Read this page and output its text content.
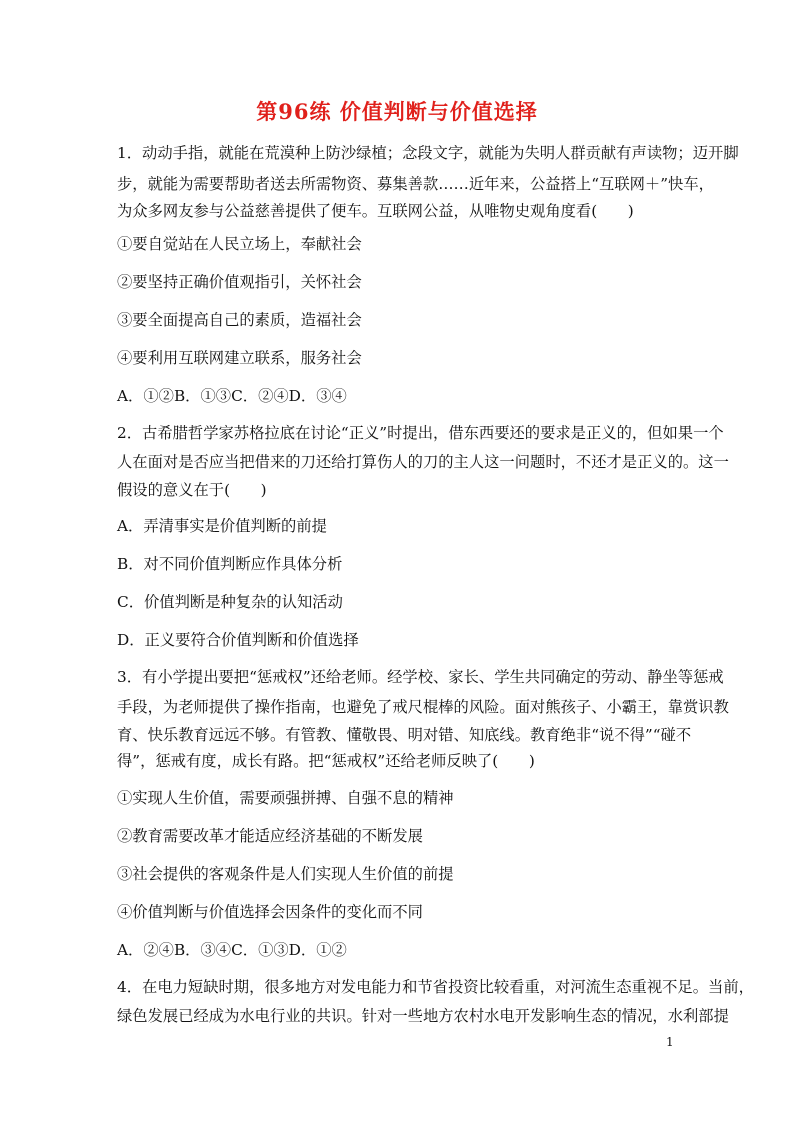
第96练 价值判断与价值选择
1．动动手指，就能在荒漠种上防沙绿植；念段文字，就能为失明人群贡献有声读物；迈开脚
步，就能为需要帮助者送去所需物资、募集善款……近年来，公益搭上“互联网＋”快车，
为众多网友参与公益慈善提供了便车。互联网公益，从唯物史观角度看(　　)
①要自觉站在人民立场上，奉献社会
②要坚持正确价值观指引，关怀社会
③要全面提高自己的素质，造福社会
④要利用互联网建立联系，服务社会
A．①②B．①③C．②④D．③④
2．古希腊哲学家苏格拉底在讨论“正义”时提出，借东西要还的要求是正义的，但如果一个
人在面对是否应当把借来的刀还给打算伤人的刀的主人这一问题时，不还才是正义的。这一
假设的意义在于(　　)
A．弄清事实是价值判断的前提
B．对不同价值判断应作具体分析
C．价值判断是种复杂的认知活动
D．正义要符合价值判断和价值选择
3．有小学提出要把“惩戒权”还给老师。经学校、家长、学生共同确定的劳动、静坐等惩戒
手段，为老师提供了操作指南，也避免了戒尺棍棒的风险。面对熊孩子、小霸王，靠赏识教
育、快乐教育远远不够。有管教、懂敬畏、明对错、知底线。教育绝非“说不得”“碰不
得”，惩戒有度，成长有路。把“惩戒权”还给老师反映了(　　)
①实现人生价值，需要顽强拼搏、自强不息的精神
②教育需要改革才能适应经济基础的不断发展
③社会提供的客观条件是人们实现人生价值的前提
④价值判断与价值选择会因条件的变化而不同
A．②④B．③④C．①③D．①②
4．在电力短缺时期，很多地方对发电能力和节省投资比较看重，对河流生态重视不足。当前，
绿色发展已经成为水电行业的共识。针对一些地方农村水电开发影响生态的情况，水利部提
1
